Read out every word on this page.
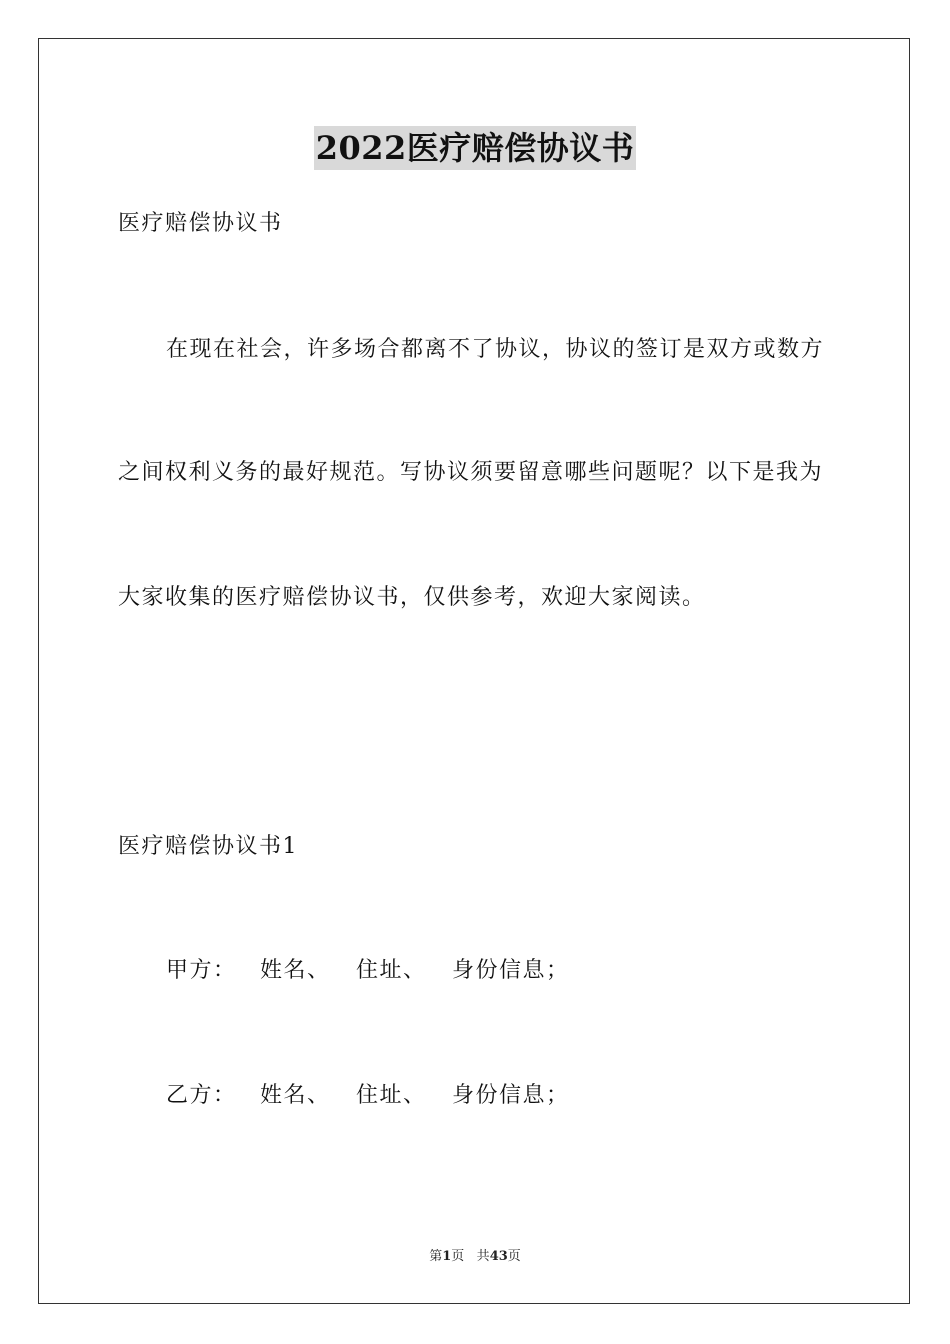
2022医疗赔偿协议书
医疗赔偿协议书
在现在社会，许多场合都离不了协议，协议的签订是双方或数方
之间权利义务的最好规范。写协议须要留意哪些问题呢？以下是我为
大家收集的医疗赔偿协议书，仅供参考，欢迎大家阅读。
医疗赔偿协议书1
甲方： 姓名、 住址、 身份信息；
乙方： 姓名、 住址、 身份信息；
第1页 共43页
